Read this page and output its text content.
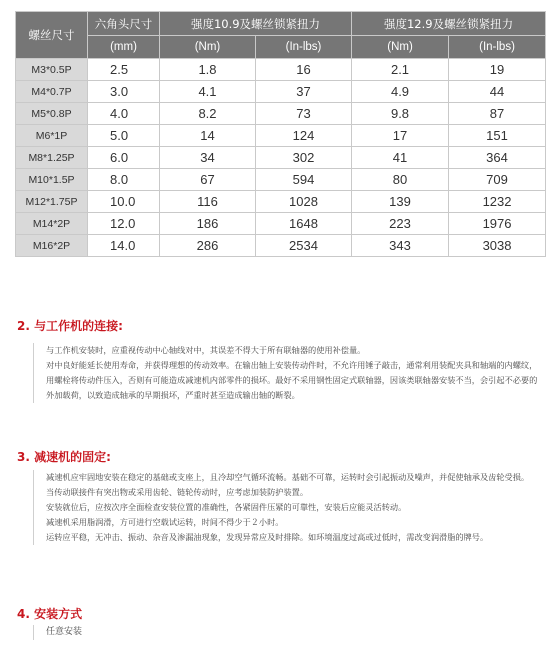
螺丝尺寸	六角头尺寸	强度10.9及螺丝锁紧扭力		强度12.9及螺丝锁紧扭力	
	(mm)	(Nm)	(In-lbs)	(Nm)	(In-lbs)
M3*0.5P	2.5	1.8	16	2.1	19
M4*0.7P	3.0	4.1	37	4.9	44
M5*0.8P	4.0	8.2	73	9.8	87
M6*1P	5.0	14	124	17	151
M8*1.25P	6.0	34	302	41	364
M10*1.5P	8.0	67	594	80	709
M12*1.75P	10.0	116	1028	139	1232
M14*2P	12.0	186	1648	223	1976
M16*2P	14.0	286	2534	343	3038
2. 与工作机的连接:

与工作机安装时，应重视传动中心轴线对中，其误差不得大于所有联轴器的使用补偿量。

对中良好能延长使用寿命，并获得理想的传动效率。在输出轴上安装传动件时，不允许用锤子敲击，通常利用装配夹具和轴端的内螺纹，用螺栓将传动件压入，否则有可能造成减速机内部零件的损坏。最好不采用钢性固定式联轴器，因该类联轴器安装不当，会引起不必要的外加载荷，以致造成轴承的早期损坏，严重时甚至造成输出轴的断裂。

3. 减速机的固定:

减速机应牢固地安装在稳定的基础或支座上，且冷却空气循环流畅。基础不可靠，运转时会引起振动及噪声，并促使轴承及齿轮受损。

当传动联接件有突出物或采用齿轮、链轮传动时，应考虑加装防护装置。

安装就位后，应按次序全面检查安装位置的准确性，各紧固件压紧的可靠性，安装后应能灵活转动。

减速机采用脂润滑，方可进行空载试运转，时间不得少于２小时。

运转应平稳，无冲击、振动、杂音及渗漏油现象，发现异常应及时排除。如环境温度过高或过低时，需改变润滑脂的牌号。

4. 安装方式

任意安装
